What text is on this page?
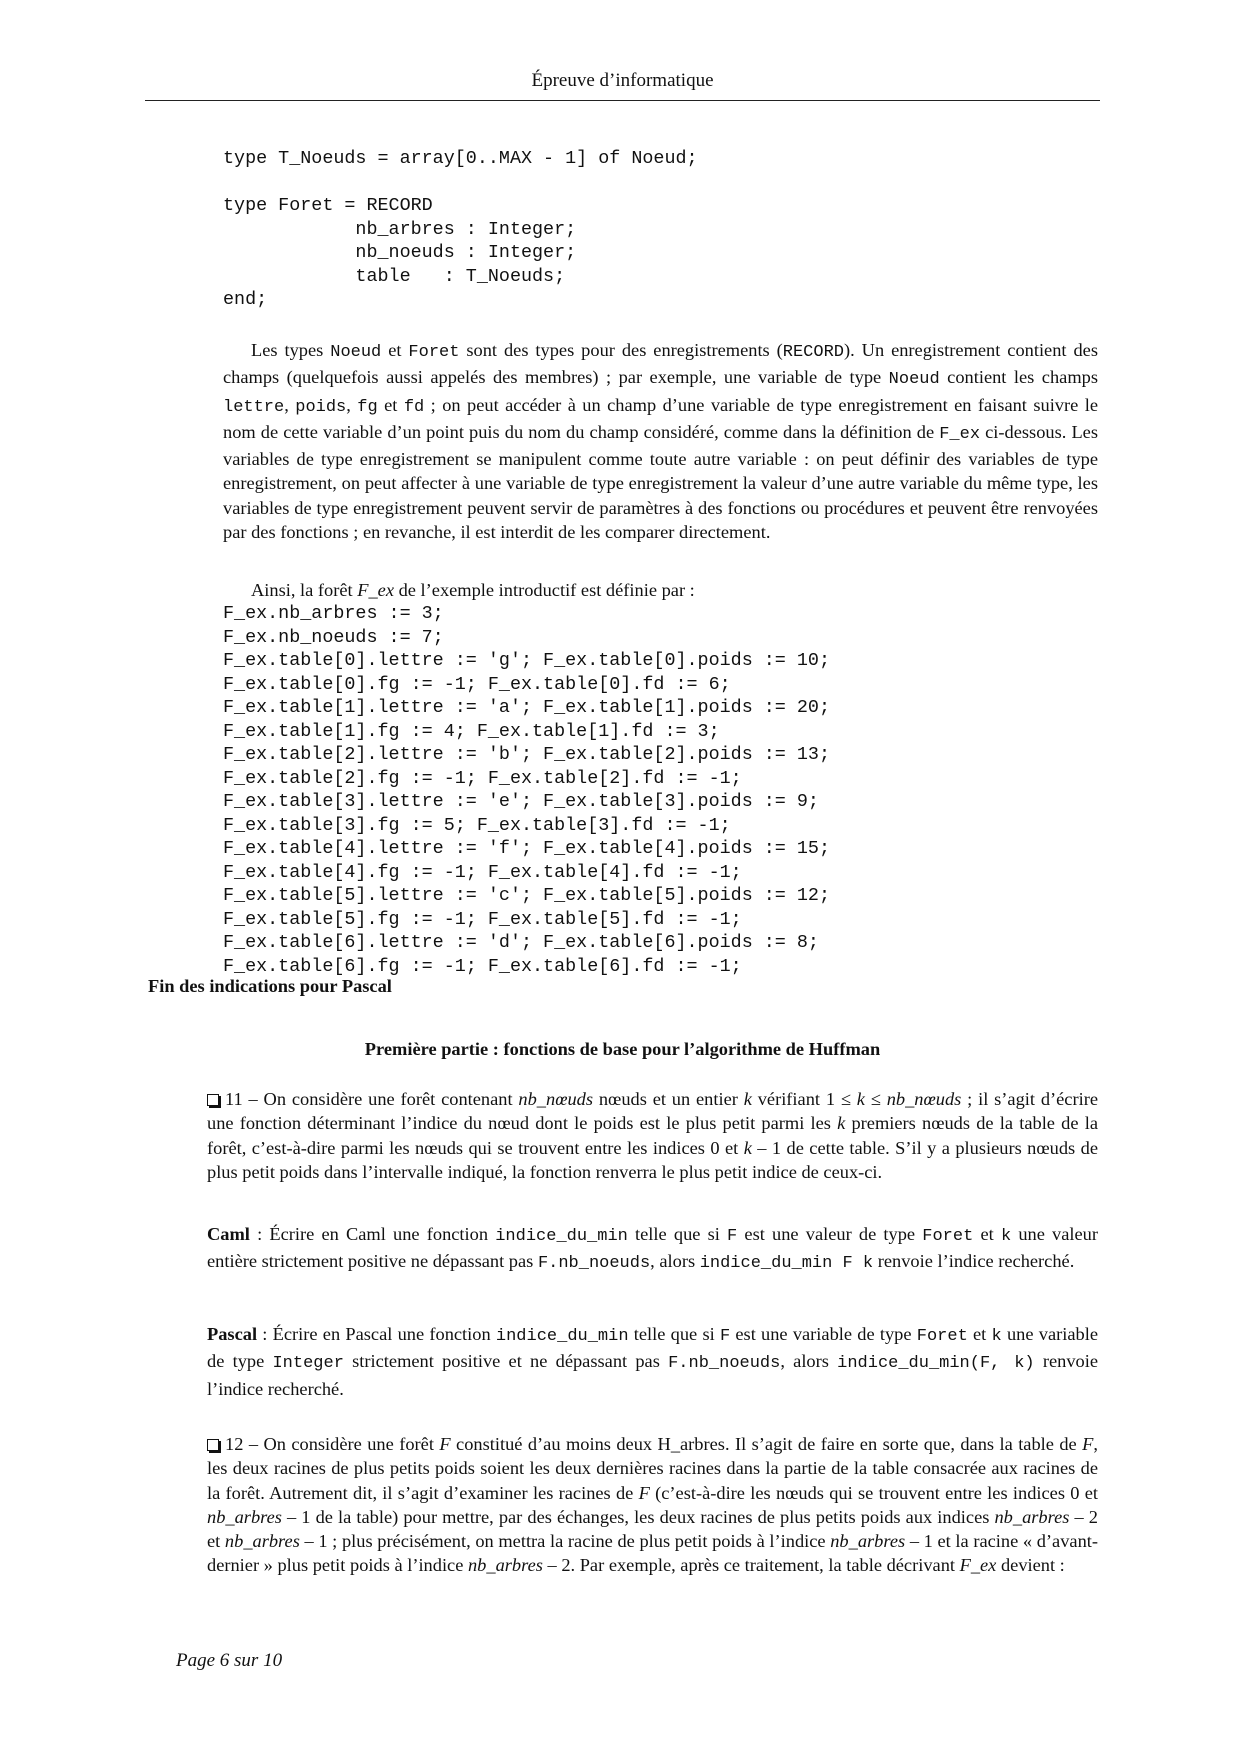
Épreuve d’informatique
type T_Noeuds = array[0..MAX - 1] of Noeud;

type Foret = RECORD
nb_arbres : Integer;
nb_noeuds : Integer;
table   : T_Noeuds;
end;

Les types Noeud et Foret sont des types pour des enregistrements (RECORD). Un enregistrement contient des champs (quelquefois aussi appelés des membres) ; par exemple, une variable de type Noeud contient les champs lettre, poids, fg et fd ; on peut accéder à un champ d’une variable de type enregistrement en faisant suivre le nom de cette variable d’un point puis du nom du champ considéré, comme dans la définition de F_ex ci-dessous. Les variables de type enregistrement se manipulent comme toute autre variable : on peut définir des variables de type enregistrement, on peut affecter à une variable de type enregistrement la valeur d’une autre variable du même type, les variables de type enregistrement peuvent servir de paramètres à des fonctions ou procédures et peuvent être renvoyées par des fonctions ; en revanche, il est interdit de les comparer directement.

Ainsi, la forêt F_ex de l’exemple introductif est définie par :

F_ex.nb_arbres := 3;
F_ex.nb_noeuds := 7;
F_ex.table[0].lettre := 'g'; F_ex.table[0].poids := 10;
F_ex.table[0].fg := -1; F_ex.table[0].fd := 6;
F_ex.table[1].lettre := 'a'; F_ex.table[1].poids := 20;
F_ex.table[1].fg := 4; F_ex.table[1].fd := 3;
F_ex.table[2].lettre := 'b'; F_ex.table[2].poids := 13;
F_ex.table[2].fg := -1; F_ex.table[2].fd := -1;
F_ex.table[3].lettre := 'e'; F_ex.table[3].poids := 9;
F_ex.table[3].fg := 5; F_ex.table[3].fd := -1;
F_ex.table[4].lettre := 'f'; F_ex.table[4].poids := 15;
F_ex.table[4].fg := -1; F_ex.table[4].fd := -1;
F_ex.table[5].lettre := 'c'; F_ex.table[5].poids := 12;
F_ex.table[5].fg := -1; F_ex.table[5].fd := -1;
F_ex.table[6].lettre := 'd'; F_ex.table[6].poids := 8;
F_ex.table[6].fg := -1; F_ex.table[6].fd := -1;
Fin des indications pour Pascal
Première partie : fonctions de base pour l’algorithme de Huffman

11 – On considère une forêt contenant nb_nœuds nœuds et un entier k vérifiant 1 ≤ k ≤ nb_nœuds ; il s’agit d’écrire une fonction déterminant l’indice du nœud dont le poids est le plus petit parmi les k premiers nœuds de la table de la forêt, c’est-à-dire parmi les nœuds qui se trouvent entre les indices 0 et k – 1 de cette table. S’il y a plusieurs nœuds de plus petit poids dans l’intervalle indiqué, la fonction renverra le plus petit indice de ceux-ci.

Caml : Écrire en Caml une fonction indice_du_min telle que si F est une valeur de type Foret et k une valeur entière strictement positive ne dépassant pas F.nb_noeuds, alors indice_du_min F k renvoie l’indice recherché.

Pascal : Écrire en Pascal une fonction indice_du_min telle que si F est une variable de type Foret et k une variable de type Integer strictement positive et ne dépassant pas F.nb_noeuds, alors indice_du_min(F, k) renvoie l’indice recherché.

12 – On considère une forêt F constitué d’au moins deux H_arbres. Il s’agit de faire en sorte que, dans la table de F, les deux racines de plus petits poids soient les deux dernières racines dans la partie de la table consacrée aux racines de la forêt. Autrement dit, il s’agit d’examiner les racines de F (c’est-à-dire les nœuds qui se trouvent entre les indices 0 et nb_arbres – 1 de la table) pour mettre, par des échanges, les deux racines de plus petits poids aux indices nb_arbres – 2 et nb_arbres – 1 ; plus précisément, on mettra la racine de plus petit poids à l’indice nb_arbres – 1 et la racine « d’avant-dernier » plus petit poids à l’indice nb_arbres – 2. Par exemple, après ce traitement, la table décrivant F_ex devient :

Page 6 sur 10
